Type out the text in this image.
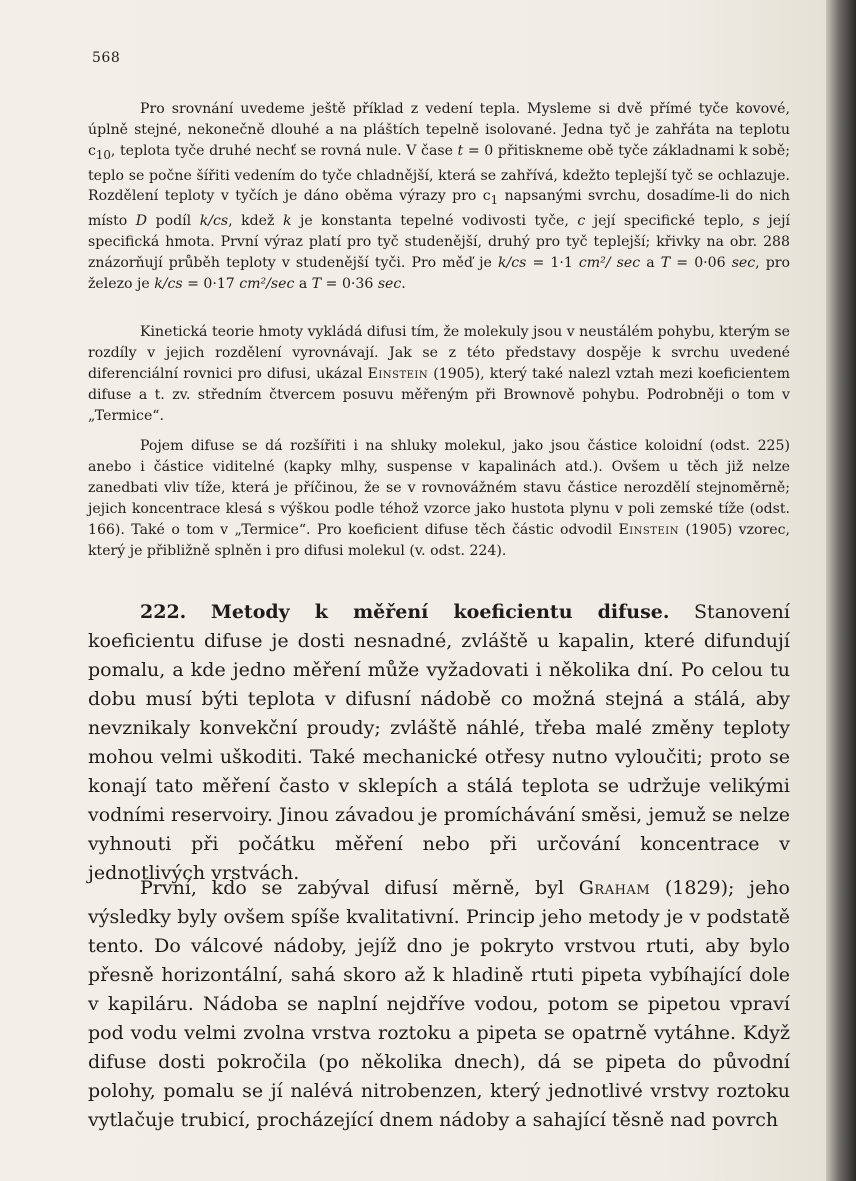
568

Pro srovnání uvedeme ještě příklad z vedení tepla. Mysleme si dvě přímé tyče kovové, úplně stejné, nekonečně dlouhé a na pláštích tepelně isolované. Jedna tyč je zahřáta na teplotu $c_{10}$, teplota tyče druhé nechť se rovná nule. V čase t = 0 přitiskneme obě tyče základnami k sobě; teplo se počne šířiti vedením do tyče chladnější, která se zahřívá, kdežto teplejší tyč se ochlazuje. Rozdělení teploty v tyčích je dáno oběma výrazy pro $c_1$ napsanými svrchu, dosadíme-li do nich místo D podíl k/cs, kdež k je konstanta tepelné vodivosti tyče, c její specifické teplo, s její specifická hmota. První výraz platí pro tyč studenější, druhý pro tyč teplejší; křivky na obr. 288 znázorňují průběh teploty v studenější tyči. Pro měď je k/cs = 1·1 cm²/ sec a T = 0·06 sec, pro železo je k/cs = 0·17 cm²/sec a T = 0·36 sec.

Kinetická teorie hmoty vykládá difusi tím, že molekuly jsou v neustálém pohybu, kterým se rozdíly v jejich rozdělení vyrovnávají. Jak se z této představy dospěje k svrchu uvedené diferenciální rovnici pro difusi, ukázal Einstein (1905), který také nalezl vztah mezi koeficientem difuse a t. zv. středním čtvercem posuvu měřeným při Brownově pohybu. Podrobněji o tom v „Termice“.

Pojem difuse se dá rozšířiti i na shluky molekul, jako jsou částice koloidní (odst. 225) anebo i částice viditelné (kapky mlhy, suspense v kapalinách atd.). Ovšem u těch již nelze zanedbati vliv tíže, která je příčinou, že se v rovnovážném stavu částice nerozdělí stejnoměrně; jejich koncentrace klesá s výškou podle téhož vzorce jako hustota plynu v poli zemské tíže (odst. 166). Také o tom v „Termice“. Pro koeficient difuse těch částic odvodil Einstein (1905) vzorec, který je přibližně splněn i pro difusi molekul (v. odst. 224).

222. Metody k měření koeficientu difuse. Stanovení koeficientu difuse je dosti nesnadné, zvláště u kapalin, které difundují pomalu, a kde jedno měření může vyžadovati i několika dní. Po celou tu dobu musí býti teplota v difusní nádobě co možná stejná a stálá, aby nevznikaly konvekční proudy; zvláště náhlé, třeba malé změny teploty mohou velmi uškoditi. Také mechanické otřesy nutno vyloučiti; proto se konají tato měření často v sklepích a stálá teplota se udržuje velikými vodními reservoiry. Jinou závadou je promíchávání směsi, jemuž se nelze vyhnouti při počátku měření nebo při určování koncentrace v jednotlivých vrstvách.

První, kdo se zabýval difusí měrně, byl Graham (1829); jeho výsledky byly ovšem spíše kvalitativní. Princip jeho metody je v podstatě tento. Do válcové nádoby, jejíž dno je pokryto vrstvou rtuti, aby bylo přesně horizontální, sahá skoro až k hladině rtuti pipeta vybíhající dole v kapiláru. Nádoba se naplní nejdříve vodou, potom se pipetou vpraví pod vodu velmi zvolna vrstva roztoku a pipeta se opatrně vytáhne. Když difuse dosti pokročila (po několika dnech), dá se pipeta do původní polohy, pomalu se jí nalévá nitrobenzen, který jednotlivé vrstvy roztoku vytlačuje trubicí, procházející dnem nádoby a sahající těsně nad povrch
